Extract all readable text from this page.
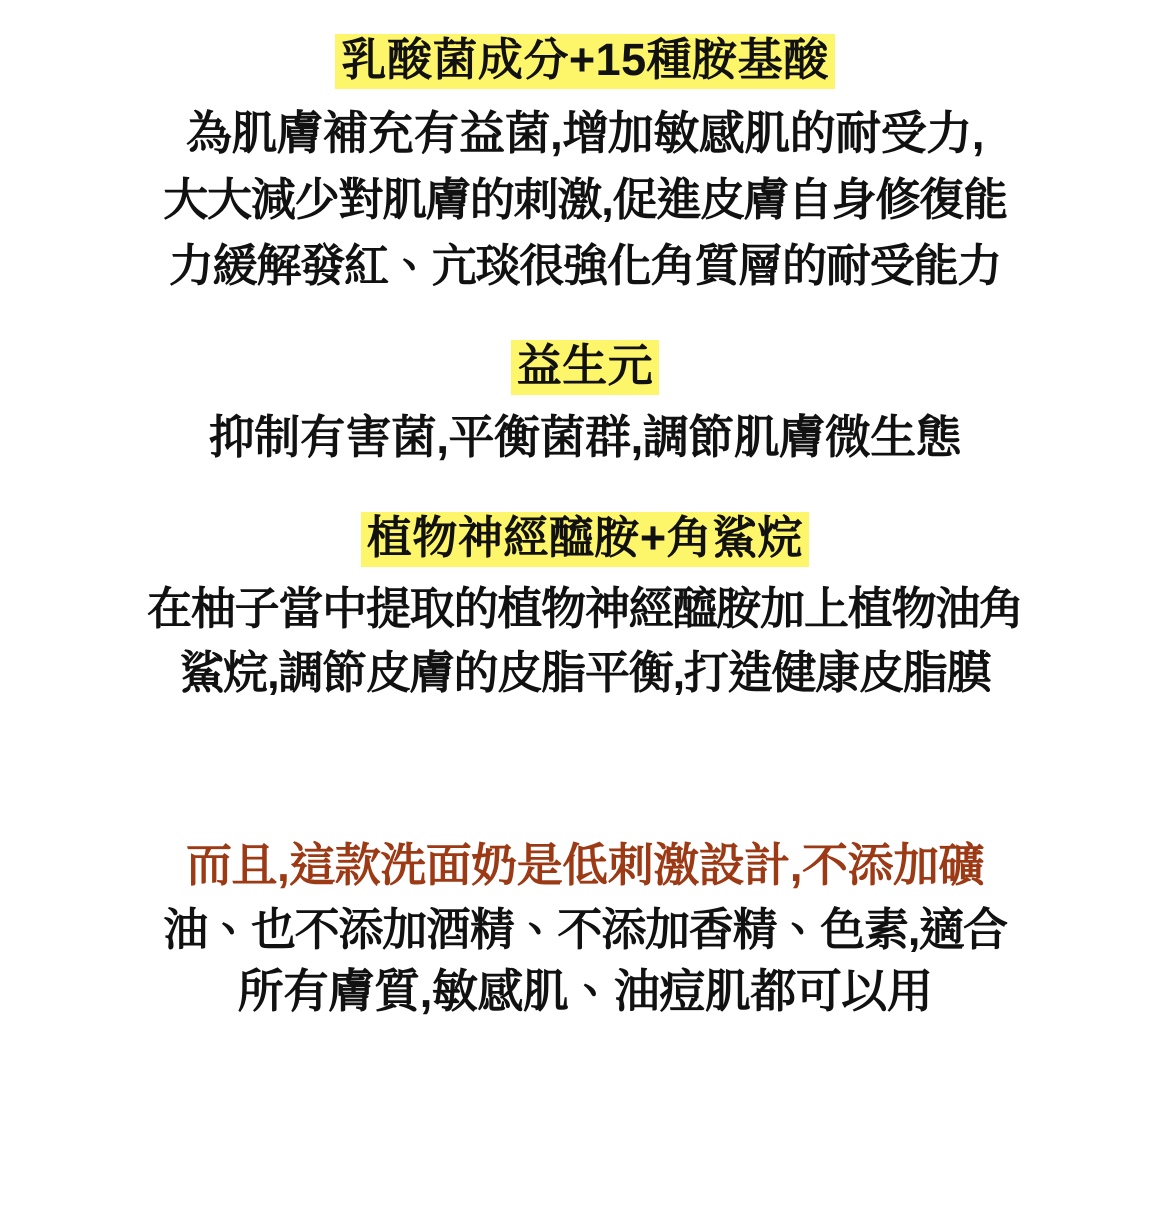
乳酸菌成分+15種胺基酸
為肌膚補充有益菌,增加敏感肌的耐受力,
大大減少對肌膚的刺激,促進皮膚自身修復能
力緩解發紅、亢琰很強化角質層的耐受能力
益生元
抑制有害菌,平衡菌群,調節肌膚微生態
植物神經醯胺+角鯊烷
在柚子當中提取的植物神經醯胺加上植物油角
鯊烷,調節皮膚的皮脂平衡,打造健康皮脂膜
而且,這款洗面奶是低刺激設計,不添加礦
油、也不添加酒精、不添加香精、色素,適合
所有膚質,敏感肌、油痘肌都可以用
